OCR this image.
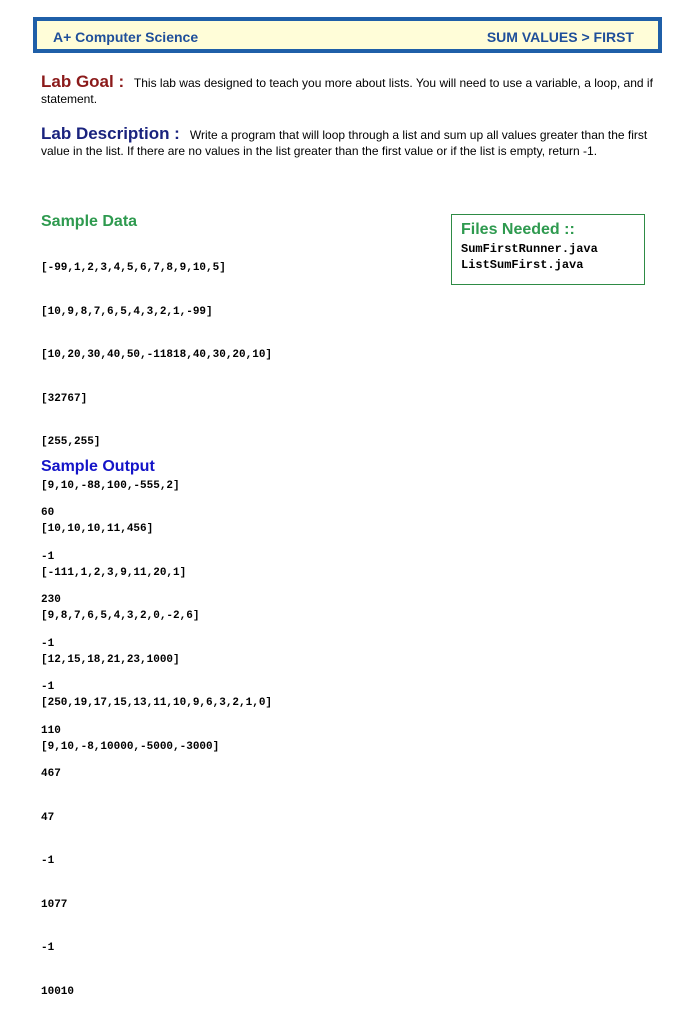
A+ Computer Science	SUM VALUES > FIRST
Lab Goal : This lab was designed to teach you more about lists. You will need to use a variable, a loop, and if statement.
Lab Description : Write a program that will loop through a list and sum up all values greater than the first value in the list. If there are no values in the list greater than the first value or if the list is empty, return -1.
Sample Data

[-99,1,2,3,4,5,6,7,8,9,10,5]

[10,9,8,7,6,5,4,3,2,1,-99]

[10,20,30,40,50,-11818,40,30,20,10]

[32767]

[255,255]

[9,10,-88,100,-555,2]

[10,10,10,11,456]

[-111,1,2,3,9,11,20,1]

[9,8,7,6,5,4,3,2,0,-2,6]

[12,15,18,21,23,1000]

[250,19,17,15,13,11,10,9,6,3,2,1,0]

[9,10,-8,10000,-5000,-3000]

Files Needed ::
SumFirstRunner.java
ListSumFirst.java
Sample Output

60

-1

230

-1

-1

110

467

47

-1

1077

-1

10010
